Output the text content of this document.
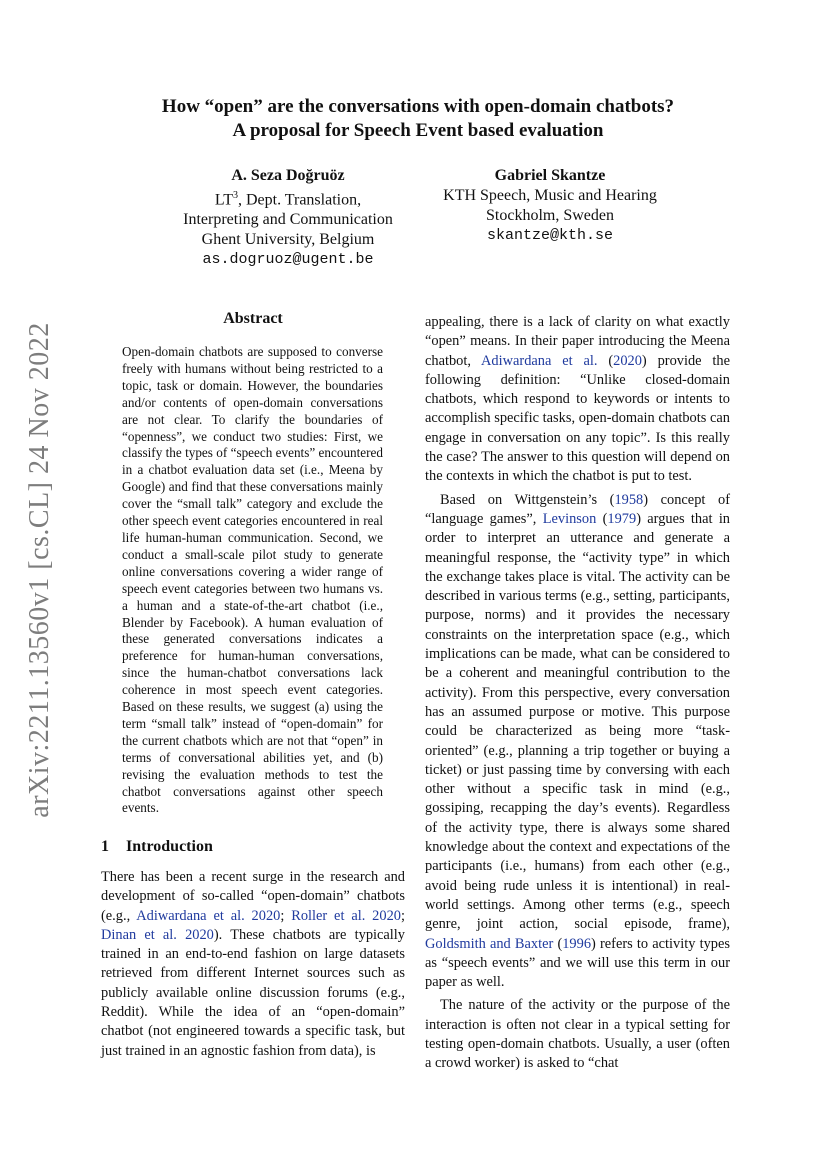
arXiv:2211.13560v1 [cs.CL] 24 Nov 2022
How “open” are the conversations with open-domain chatbots?
A proposal for Speech Event based evaluation
A. Seza Doğruöz
$LT^3$, Dept. Translation,
Interpreting and Communication
Ghent University, Belgium
as.dogruoz@ugent.be
Gabriel Skantze
KTH Speech, Music and Hearing
Stockholm, Sweden
skantze@kth.se
Abstract
Open-domain chatbots are supposed to converse freely with humans without being restricted to a topic, task or domain. However, the boundaries and/or contents of open-domain conversations are not clear. To clarify the boundaries of “openness”, we conduct two studies: First, we classify the types of “speech events” encountered in a chatbot evaluation data set (i.e., Meena by Google) and find that these conversations mainly cover the “small talk” category and exclude the other speech event categories encountered in real life human-human communication. Second, we conduct a small-scale pilot study to generate online conversations covering a wider range of speech event categories between two humans vs. a human and a state-of-the-art chatbot (i.e., Blender by Facebook). A human evaluation of these generated conversations indicates a preference for human-human conversations, since the human-chatbot conversations lack coherence in most speech event categories. Based on these results, we suggest (a) using the term “small talk” instead of “open-domain” for the current chatbots which are not that “open” in terms of conversational abilities yet, and (b) revising the evaluation methods to test the chatbot conversations against other speech events.
1 Introduction

There has been a recent surge in the research and development of so-called “open-domain” chatbots (e.g., Adiwardana et al. 2020; Roller et al. 2020; Dinan et al. 2020). These chatbots are typically trained in an end-to-end fashion on large datasets retrieved from different Internet sources such as publicly available online discussion forums (e.g., Reddit). While the idea of an “open-domain” chatbot (not engineered towards a specific task, but just trained in an agnostic fashion from data), is

appealing, there is a lack of clarity on what exactly “open” means. In their paper introducing the Meena chatbot, Adiwardana et al. (2020) provide the following definition: “Unlike closed-domain chatbots, which respond to keywords or intents to accomplish specific tasks, open-domain chatbots can engage in conversation on any topic”. Is this really the case? The answer to this question will depend on the contexts in which the chatbot is put to test.

Based on Wittgenstein’s (1958) concept of “language games”, Levinson (1979) argues that in order to interpret an utterance and generate a meaningful response, the “activity type” in which the exchange takes place is vital. The activity can be described in various terms (e.g., setting, participants, purpose, norms) and it provides the necessary constraints on the interpretation space (e.g., which implications can be made, what can be considered to be a coherent and meaningful contribution to the activity). From this perspective, every conversation has an assumed purpose or motive. This purpose could be characterized as being more “task-oriented” (e.g., planning a trip together or buying a ticket) or just passing time by conversing with each other without a specific task in mind (e.g., gossiping, recapping the day’s events). Regardless of the activity type, there is always some shared knowledge about the context and expectations of the participants (i.e., humans) from each other (e.g., avoid being rude unless it is intentional) in real-world settings. Among other terms (e.g., speech genre, joint action, social episode, frame), Goldsmith and Baxter (1996) refers to activity types as “speech events” and we will use this term in our paper as well.

The nature of the activity or the purpose of the interaction is often not clear in a typical setting for testing open-domain chatbots. Usually, a user (often a crowd worker) is asked to “chat
